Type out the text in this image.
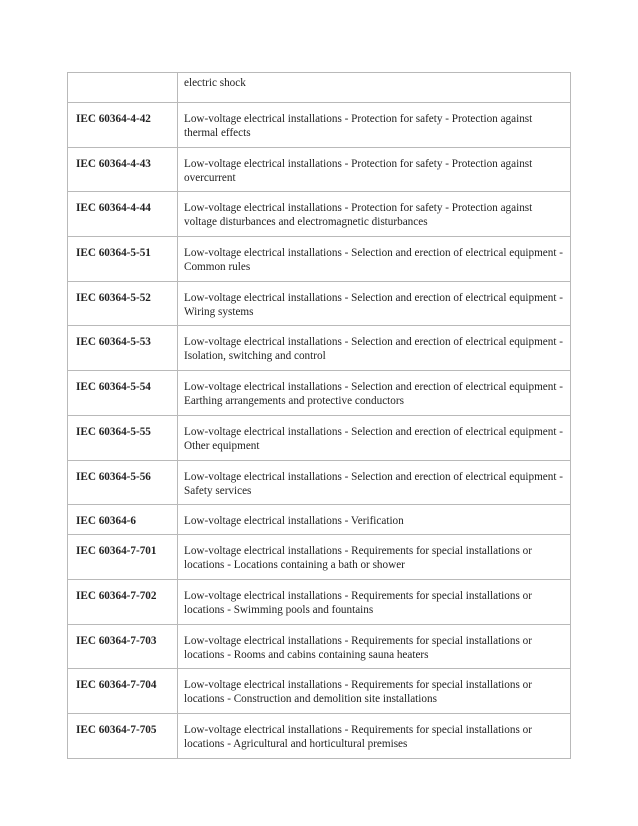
	electric shock
IEC 60364-4-42	Low-voltage electrical installations - Protection for safety - Protection against thermal effects
IEC 60364-4-43	Low-voltage electrical installations - Protection for safety - Protection against overcurrent
IEC 60364-4-44	Low-voltage electrical installations - Protection for safety - Protection against voltage disturbances and electromagnetic disturbances
IEC 60364-5-51	Low-voltage electrical installations - Selection and erection of electrical equipment - Common rules
IEC 60364-5-52	Low-voltage electrical installations - Selection and erection of electrical equipment - Wiring systems
IEC 60364-5-53	Low-voltage electrical installations - Selection and erection of electrical equipment - Isolation, switching and control
IEC 60364-5-54	Low-voltage electrical installations - Selection and erection of electrical equipment - Earthing arrangements and protective conductors
IEC 60364-5-55	Low-voltage electrical installations - Selection and erection of electrical equipment - Other equipment
IEC 60364-5-56	Low-voltage electrical installations - Selection and erection of electrical equipment - Safety services
IEC 60364-6	Low-voltage electrical installations - Verification
IEC 60364-7-701	Low-voltage electrical installations - Requirements for special installations or locations - Locations containing a bath or shower
IEC 60364-7-702	Low-voltage electrical installations - Requirements for special installations or locations - Swimming pools and fountains
IEC 60364-7-703	Low-voltage electrical installations - Requirements for special installations or locations - Rooms and cabins containing sauna heaters
IEC 60364-7-704	Low-voltage electrical installations - Requirements for special installations or locations - Construction and demolition site installations
IEC 60364-7-705	Low-voltage electrical installations - Requirements for special installations or locations - Agricultural and horticultural premises
